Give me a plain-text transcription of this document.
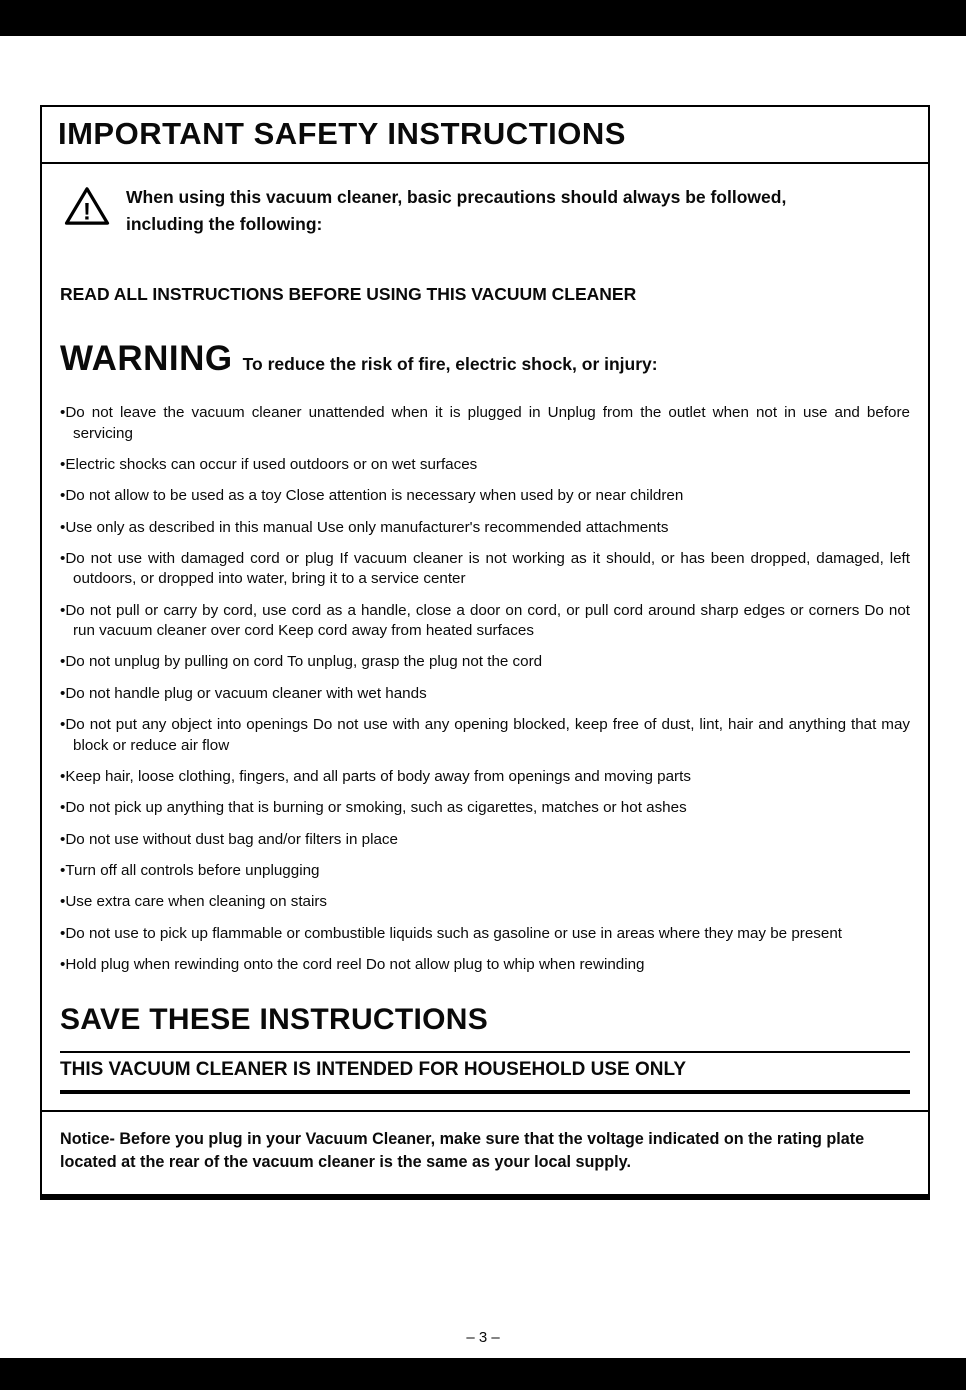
IMPORTANT SAFETY INSTRUCTIONS
!

When using this vacuum cleaner, basic precautions should always be followed, including the following:

READ ALL INSTRUCTIONS BEFORE USING THIS VACUUM CLEANER

WARNING To reduce the risk of fire, electric shock, or injury:
• Do not leave the vacuum cleaner unattended when it is plugged in Unplug from the outlet when not in use and before servicing
• Electric shocks can occur if used outdoors or on wet surfaces
• Do not allow to be used as a toy Close attention is necessary when used by or near children
• Use only as described in this manual Use only manufacturer's recommended attachments
• Do not use with damaged cord or plug If vacuum cleaner is not working as it should, or has been dropped, damaged, left outdoors, or dropped into water, bring it to a service center
• Do not pull or carry by cord, use cord as a handle, close a door on cord, or pull cord around sharp edges or corners Do not run vacuum cleaner over cord Keep cord away from heated surfaces
• Do not unplug by pulling on cord To unplug, grasp the plug not the cord
• Do not handle plug or vacuum cleaner with wet hands
• Do not put any object into openings Do not use with any opening blocked, keep free of dust, lint, hair and anything that may block or reduce air flow
• Keep hair, loose clothing, fingers, and all parts of body away from openings and moving parts
• Do not pick up anything that is burning or smoking, such as cigarettes, matches or hot ashes
• Do not use without dust bag and/or filters in place
• Turn off all controls before unplugging
• Use extra care when cleaning on stairs
• Do not use to pick up flammable or combustible liquids such as gasoline or use in areas where they may be present
• Hold plug when rewinding onto the cord reel Do not allow plug to whip when rewinding
SAVE THESE INSTRUCTIONS
THIS VACUUM CLEANER IS INTENDED FOR HOUSEHOLD USE ONLY

Notice- Before you plug in your Vacuum Cleaner, make sure that the voltage indicated on the rating plate located at the rear of the vacuum cleaner is the same as your local supply.

– 3 –
